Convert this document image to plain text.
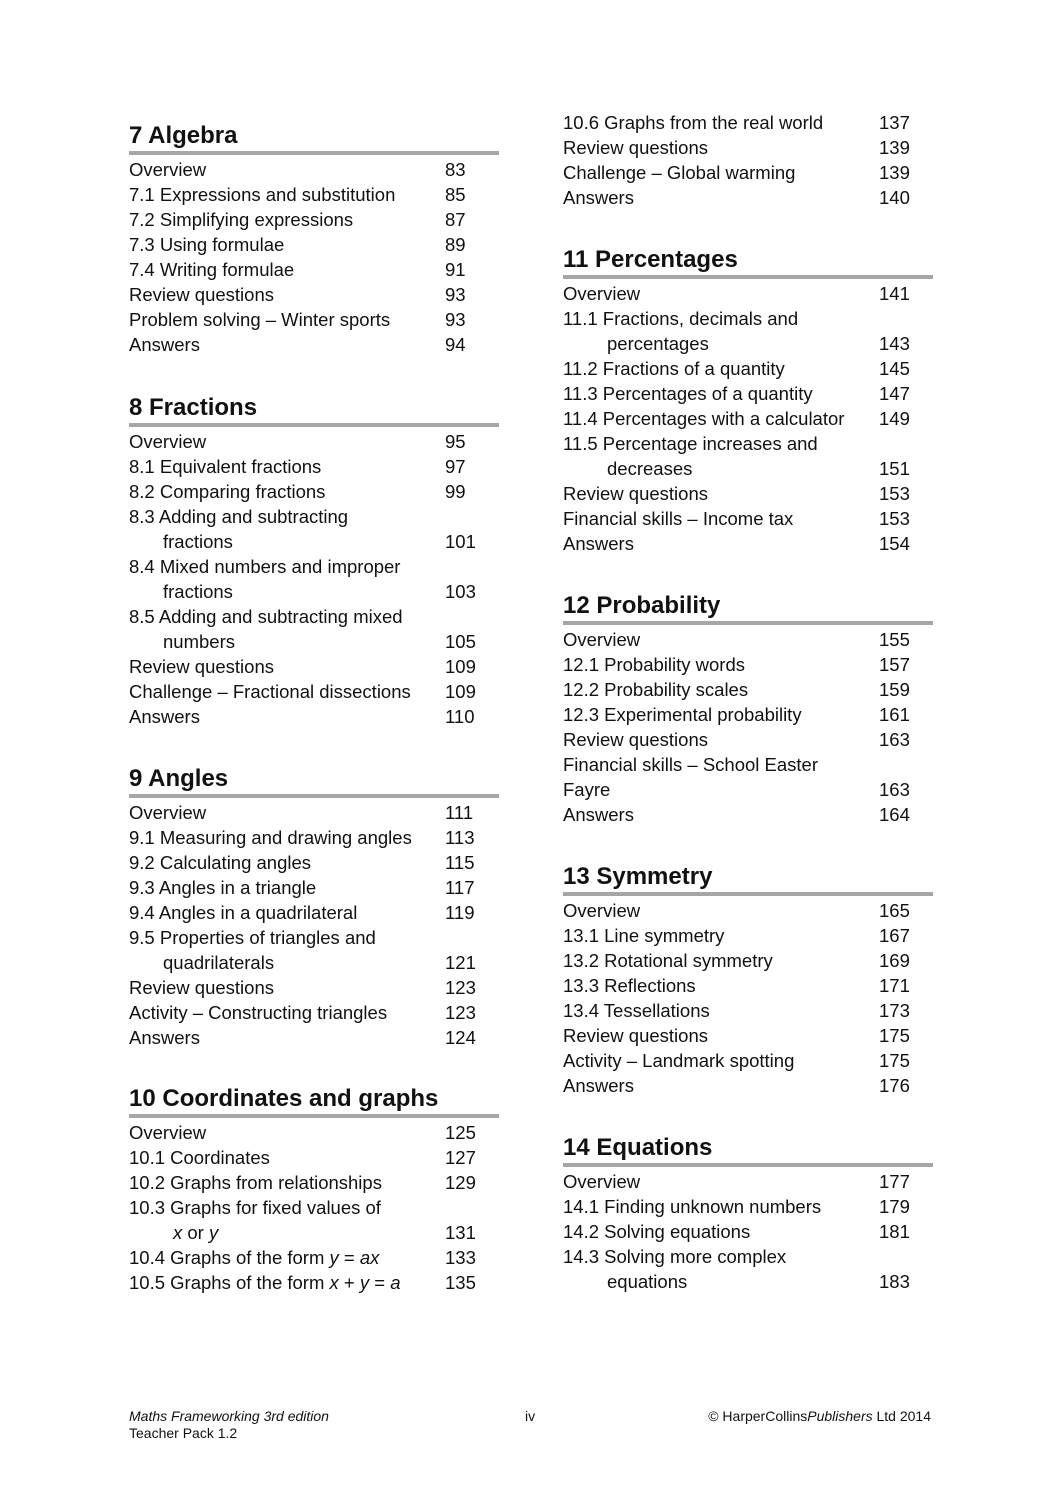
7 Algebra
Overview	83
7.1 Expressions and substitution	85
7.2 Simplifying expressions	87
7.3 Using formulae	89
7.4 Writing formulae	91
Review questions	93
Problem solving – Winter sports	93
Answers	94
8 Fractions
Overview	95
8.1 Equivalent fractions	97
8.2 Comparing fractions	99
8.3 Adding and subtracting
fractions	101
8.4 Mixed numbers and improper
fractions	103
8.5 Adding and subtracting mixed
numbers	105
Review questions	109
Challenge – Fractional dissections	109
Answers	110
9 Angles
Overview	111
9.1 Measuring and drawing angles	113
9.2 Calculating angles	115
9.3 Angles in a triangle	117
9.4 Angles in a quadrilateral	119
9.5 Properties of triangles and
quadrilaterals	121
Review questions	123
Activity – Constructing triangles	123
Answers	124
10 Coordinates and graphs
Overview	125
10.1 Coordinates	127
10.2 Graphs from relationships	129
10.3 Graphs for fixed values of
x or y	131
10.4 Graphs of the form y = ax	133
10.5 Graphs of the form x + y = a	135
10.6 Graphs from the real world	137
Review questions	139
Challenge – Global warming	139
Answers	140
11 Percentages
Overview	141
11.1 Fractions, decimals and
percentages	143
11.2 Fractions of a quantity	145
11.3 Percentages of a quantity	147
11.4 Percentages with a calculator	149
11.5 Percentage increases and
decreases	151
Review questions	153
Financial skills – Income tax	153
Answers	154
12 Probability
Overview	155
12.1 Probability words	157
12.2 Probability scales	159
12.3 Experimental probability	161
Review questions	163
Financial skills – School Easter
Fayre	163
Answers	164
13 Symmetry
Overview	165
13.1 Line symmetry	167
13.2 Rotational symmetry	169
13.3 Reflections	171
13.4 Tessellations	173
Review questions	175
Activity – Landmark spotting	175
Answers	176
14 Equations
Overview	177
14.1 Finding unknown numbers	179
14.2 Solving equations	181
14.3 Solving more complex
equations	183
Maths Frameworking 3rd edition
Teacher Pack 1.2
iv	© HarperCollinsPublishers Ltd 2014
